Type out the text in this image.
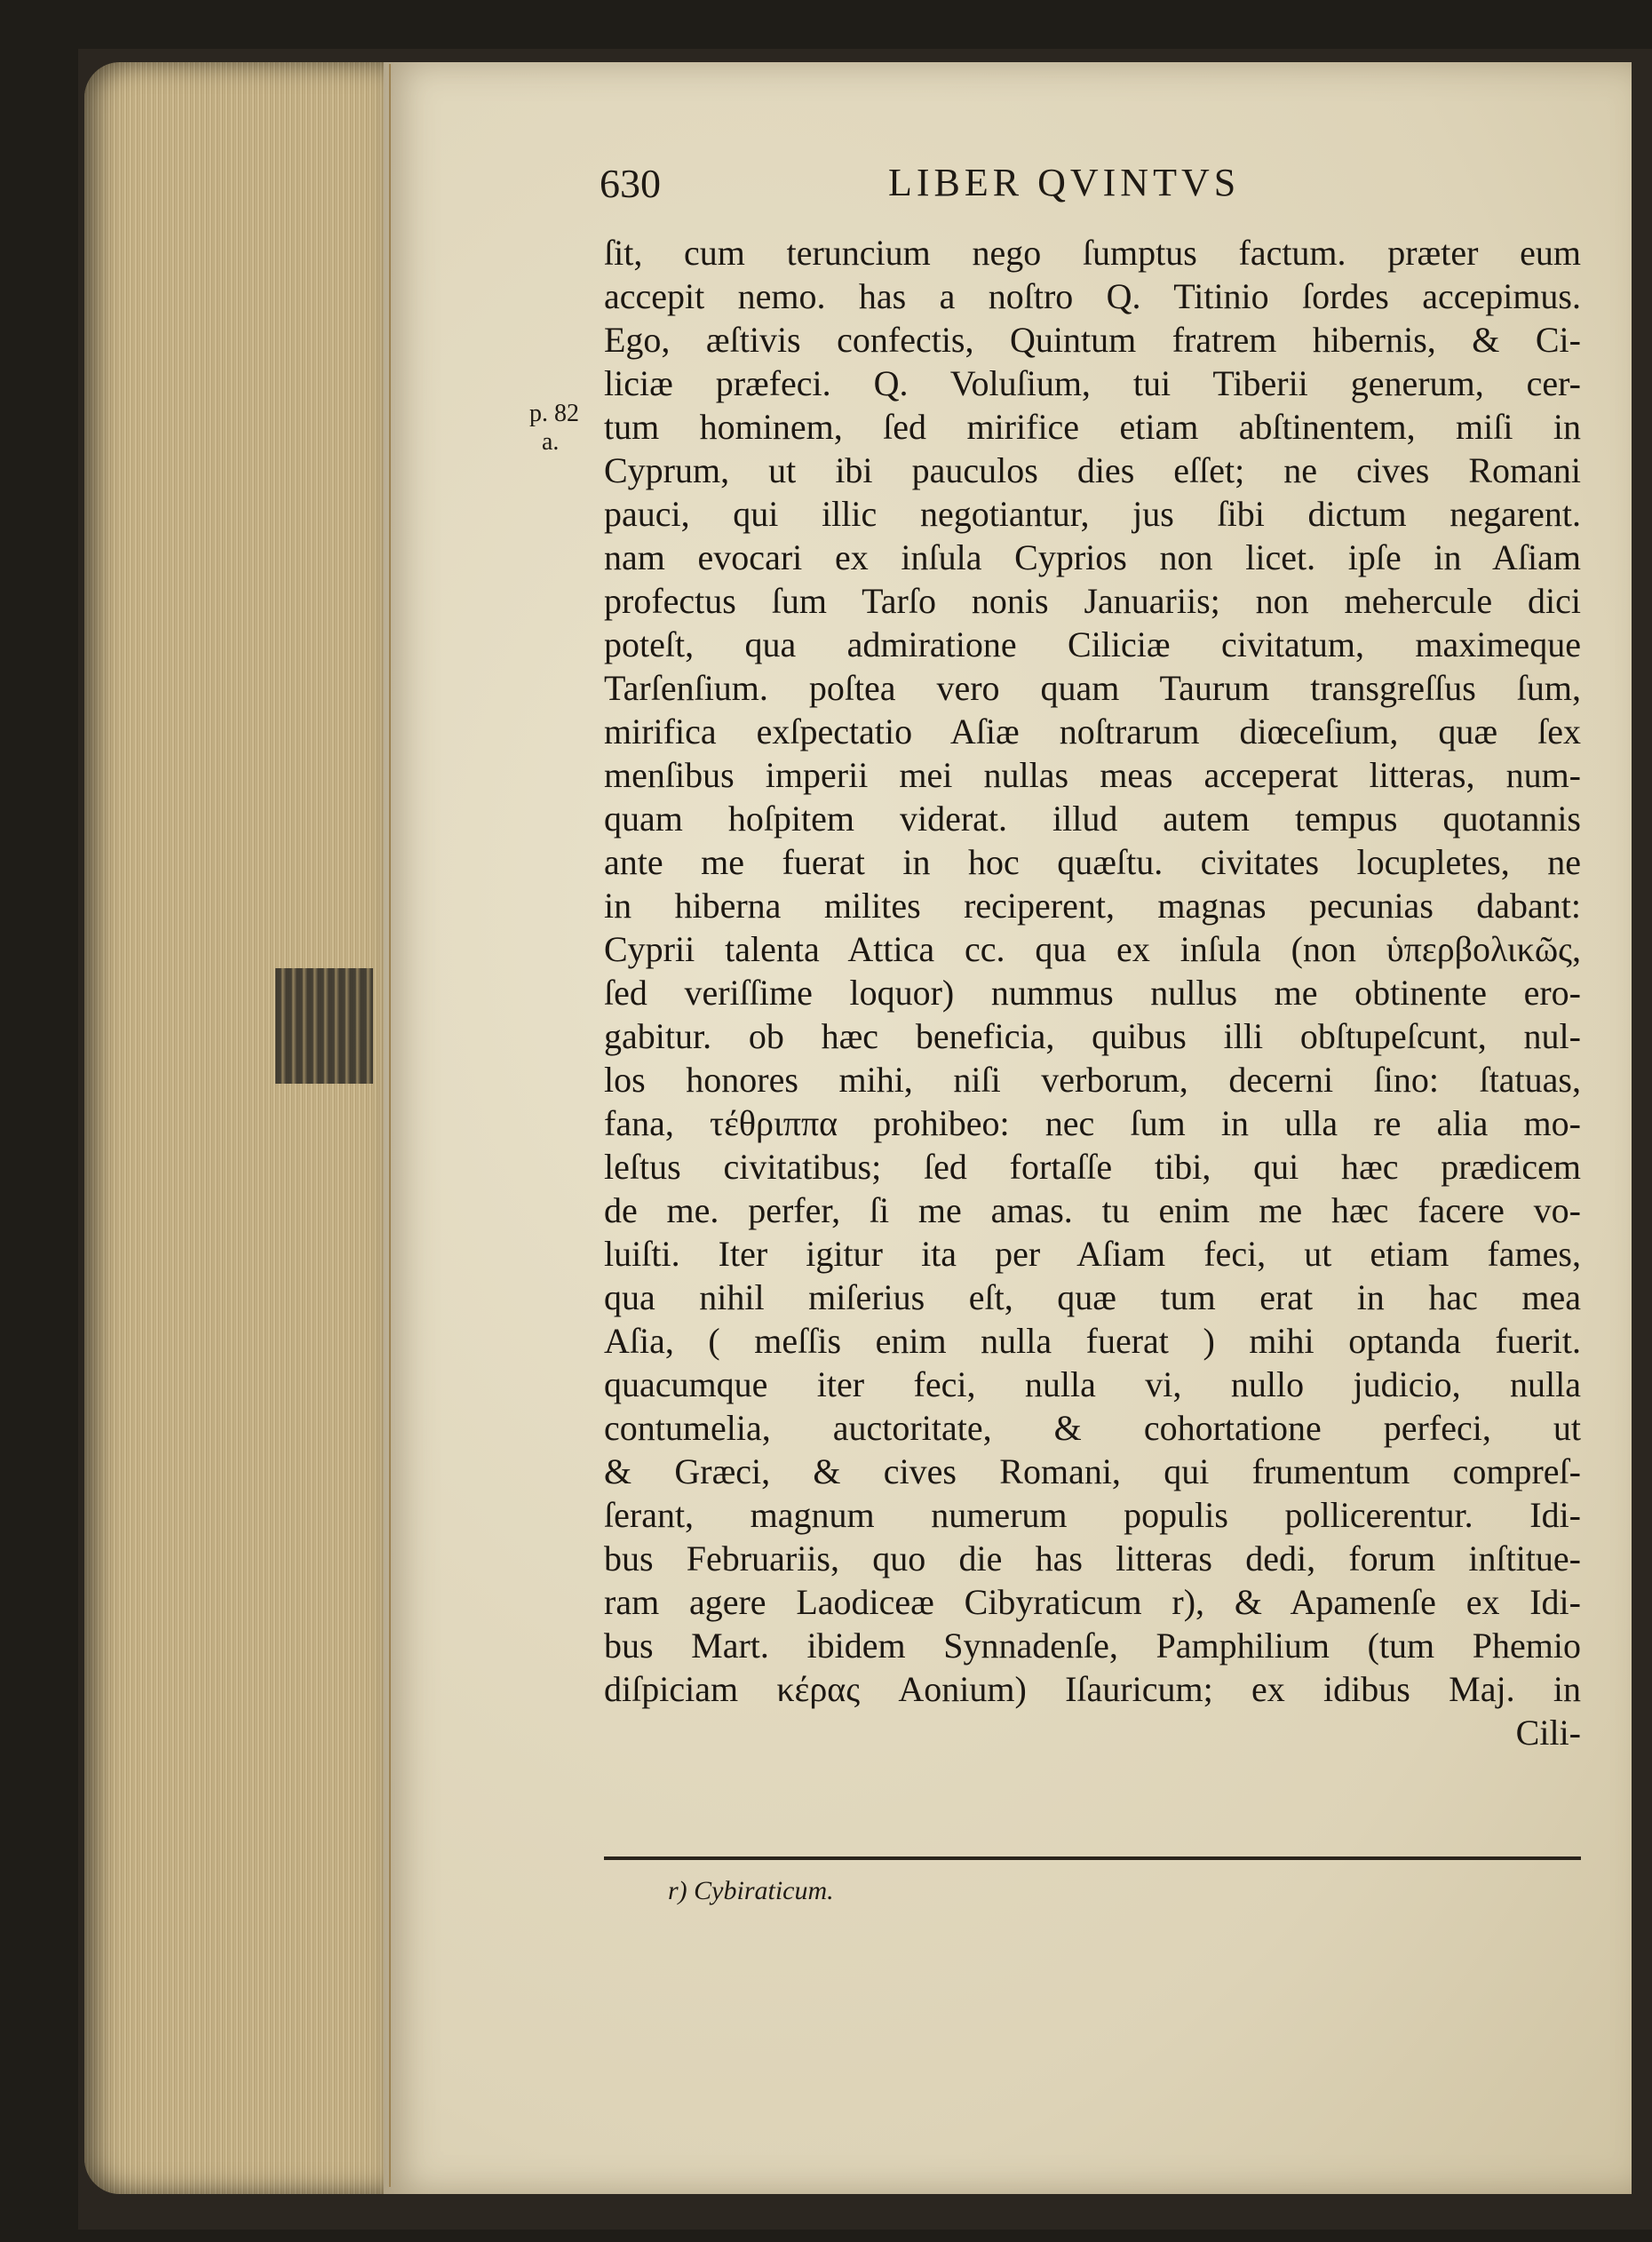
630	LIBER QVINTVS
p. 82
a.
ſit, cum teruncium nego ſumptus factum. præter eum
accepit nemo. has a noſtro Q. Titinio ſordes accepimus.
Ego, æſtivis confectis, Quintum fratrem hibernis, & Ci-
liciæ præfeci. Q. Voluſium, tui Tiberii generum, cer-
tum hominem, ſed mirifice etiam abſtinentem, miſi in
Cyprum, ut ibi pauculos dies eſſet; ne cives Romani
pauci, qui illic negotiantur, jus ſibi dictum negarent.
nam evocari ex inſula Cyprios non licet. ipſe in Aſiam
profectus ſum Tarſo nonis Januariis; non mehercule dici
poteſt, qua admiratione Ciliciæ civitatum, maximeque
Tarſenſium. poſtea vero quam Taurum transgreſſus ſum,
mirifica exſpectatio Aſiæ noſtrarum diœceſium, quæ ſex
menſibus imperii mei nullas meas acceperat litteras, num-
quam hoſpitem viderat. illud autem tempus quotannis
ante me fuerat in hoc quæſtu. civitates locupletes, ne
in hiberna milites reciperent, magnas pecunias dabant:
Cyprii talenta Attica cc. qua ex inſula (non ὑπερβολικῶς,
ſed veriſſime loquor) nummus nullus me obtinente ero-
gabitur. ob hæc beneficia, quibus illi obſtupeſcunt, nul-
los honores mihi, niſi verborum, decerni ſino: ſtatuas,
fana, τέθριππα prohibeo: nec ſum in ulla re alia mo-
leſtus civitatibus; ſed fortaſſe tibi, qui hæc prædicem
de me. perfer, ſi me amas. tu enim me hæc facere vo-
luiſti. Iter igitur ita per Aſiam feci, ut etiam fames,
qua nihil miſerius eſt, quæ tum erat in hac mea
Aſia, ( meſſis enim nulla fuerat ) mihi optanda fuerit.
quacumque iter feci, nulla vi, nullo judicio, nulla
contumelia, auctoritate, & cohortatione perfeci, ut
& Græci, & cives Romani, qui frumentum compreſ-
ſerant, magnum numerum populis pollicerentur. Idi-
bus Februariis, quo die has litteras dedi, forum inſtitue-
ram agere Laodiceæ Cibyraticum r), & Apamenſe ex Idi-
bus Mart. ibidem Synnadenſe, Pamphilium (tum Phemio
diſpiciam κέρας Aonium) Iſauricum; ex idibus Maj. in
Cili-
r) Cybiraticum.
